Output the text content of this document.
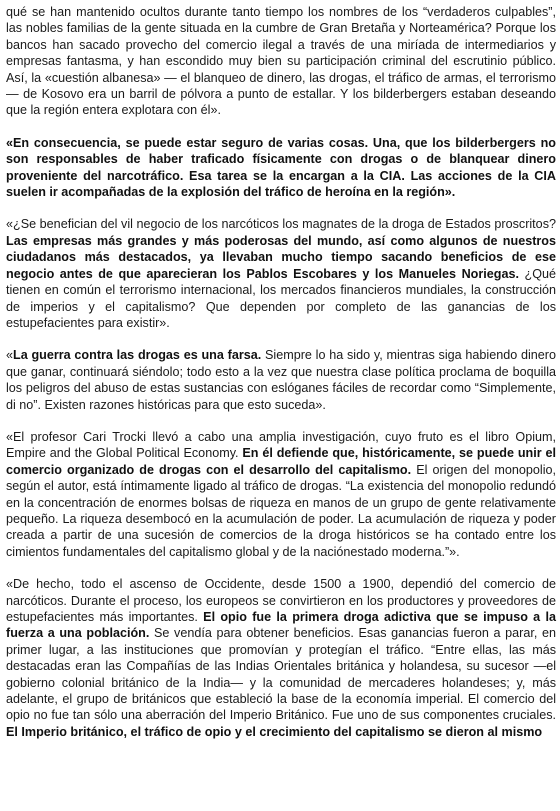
qué se han mantenido ocultos durante tanto tiempo los nombres de los “verdaderos culpables”, las nobles familias de la gente situada en la cumbre de Gran Bretaña y Norteamérica? Porque los bancos han sacado provecho del comercio ilegal a través de una miríada de intermediarios y empresas fantasma, y han escondido muy bien su participación criminal del escrutinio público. Así, la «cuestión albanesa» — el blanqueo de dinero, las drogas, el tráfico de armas, el terrorismo— de Kosovo era un barril de pólvora a punto de estallar. Y los bilderbergers estaban deseando que la región entera explotara con él».

«En consecuencia, se puede estar seguro de varias cosas. Una, que los bilderbergers no son responsables de haber traficado físicamente con drogas o de blanquear dinero proveniente del narcotráfico. Esa tarea se la encargan a la CIA. Las acciones de la CIA suelen ir acompañadas de la explosión del tráfico de heroína en la región».

«¿Se benefician del vil negocio de los narcóticos los magnates de la droga de Estados proscritos? Las empresas más grandes y más poderosas del mundo, así como algunos de nuestros ciudadanos más destacados, ya llevaban mucho tiempo sacando beneficios de ese negocio antes de que aparecieran los Pablos Escobares y los Manueles Noriegas. ¿Qué tienen en común el terrorismo internacional, los mercados financieros mundiales, la construcción de imperios y el capitalismo? Que dependen por completo de las ganancias de los estupefacientes para existir».

«La guerra contra las drogas es una farsa. Siempre lo ha sido y, mientras siga habiendo dinero que ganar, continuará siéndolo; todo esto a la vez que nuestra clase política proclama de boquilla los peligros del abuso de estas sustancias con eslóganes fáciles de recordar como “Simplemente, di no”. Existen razones históricas para que esto suceda».

«El profesor Cari Trocki llevó a cabo una amplia investigación, cuyo fruto es el libro Opium, Empire and the Global Political Economy. En él defiende que, históricamente, se puede unir el comercio organizado de drogas con el desarrollo del capitalismo. El origen del monopolio, según el autor, está íntimamente ligado al tráfico de drogas. “La existencia del monopolio redundó en la concentración de enormes bolsas de riqueza en manos de un grupo de gente relativamente pequeño. La riqueza desembocó en la acumulación de poder. La acumulación de riqueza y poder creada a partir de una sucesión de comercios de la droga históricos se ha contado entre los cimientos fundamentales del capitalismo global y de la naciónestado moderna.”».

«De hecho, todo el ascenso de Occidente, desde 1500 a 1900, dependió del comercio de narcóticos. Durante el proceso, los europeos se convirtieron en los productores y proveedores de estupefacientes más importantes. El opio fue la primera droga adictiva que se impuso a la fuerza a una población. Se vendía para obtener beneficios. Esas ganancias fueron a parar, en primer lugar, a las instituciones que promovían y protegían el tráfico. “Entre ellas, las más destacadas eran las Compañías de las Indias Orientales británica y holandesa, su sucesor —el gobierno colonial británico de la India— y la comunidad de mercaderes holandeses; y, más adelante, el grupo de británicos que estableció la base de la economía imperial. El comercio del opio no fue tan sólo una aberración del Imperio Británico. Fue uno de sus componentes cruciales. El Imperio británico, el tráfico de opio y el crecimiento del capitalismo se dieron al mismo
